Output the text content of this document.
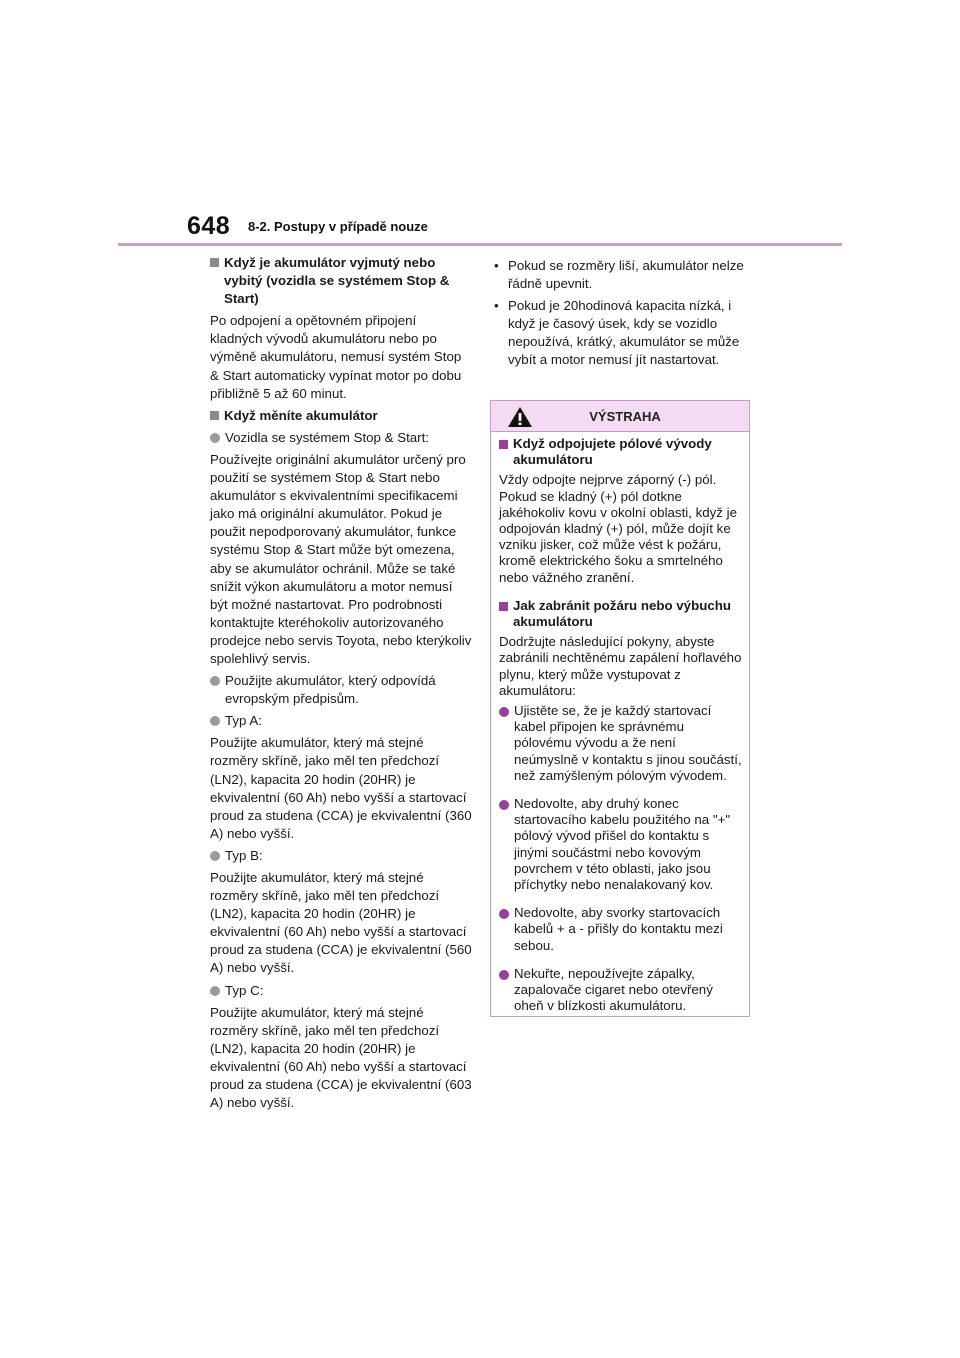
648 8-2. Postupy v případě nouze
Když je akumulátor vyjmutý nebo vybitý (vozidla se systémem Stop & Start)
Po odpojení a opětovném připojení kladných vývodů akumulátoru nebo po výměně akumulátoru, nemusí systém Stop & Start automaticky vypínat motor po dobu přibližně 5 až 60 minut.
Když měníte akumulátor
Vozidla se systémem Stop & Start:
Používejte originální akumulátor určený pro použití se systémem Stop & Start nebo akumulátor s ekvivalentními specifikacemi jako má originální akumulátor. Pokud je použit nepodporovaný akumulátor, funkce systému Stop & Start může být omezena, aby se akumulátor ochránil. Může se také snížit výkon akumulátoru a motor nemusí být možné nastartovat. Pro podrobnosti kontaktujte kteréhokoliv autorizovaného prodejce nebo servis Toyota, nebo kterýkoliv spolehlivý servis.
Použijte akumulátor, který odpovídá evropským předpisům.
Typ A:
Použijte akumulátor, který má stejné rozměry skříně, jako měl ten předchozí (LN2), kapacita 20 hodin (20HR) je ekvivalentní (60 Ah) nebo vyšší a startovací proud za studena (CCA) je ekvivalentní (360 A) nebo vyšší.
Typ B:
Použijte akumulátor, který má stejné rozměry skříně, jako měl ten předchozí (LN2), kapacita 20 hodin (20HR) je ekvivalentní (60 Ah) nebo vyšší a startovací proud za studena (CCA) je ekvivalentní (560 A) nebo vyšší.
Typ C:
Použijte akumulátor, který má stejné rozměry skříně, jako měl ten předchozí (LN2), kapacita 20 hodin (20HR) je ekvivalentní (60 Ah) nebo vyšší a startovací proud za studena (CCA) je ekvivalentní (603 A) nebo vyšší.
• Pokud se rozměry liší, akumulátor nelze řádně upevnit.
• Pokud je 20hodinová kapacita nízká, i když je časový úsek, kdy se vozidlo nepoužívá, krátký, akumulátor se může vybít a motor nemusí jít nastartovat.
VÝSTRAHA
Když odpojujete pólové vývody akumulátoru
Vždy odpojte nejprve záporný (-) pól. Pokud se kladný (+) pól dotkne jakéhokoliv kovu v okolní oblasti, když je odpojován kladný (+) pól, může dojít ke vzniku jisker, což může vést k požáru, kromě elektrického šoku a smrtelného nebo vážného zranění.
Jak zabránit požáru nebo výbuchu akumulátoru
Dodržujte následující pokyny, abyste zabránili nechtěnému zapálení hořlavého plynu, který může vystupovat z akumulátoru:
Ujistěte se, že je každý startovací kabel připojen ke správnému pólovému vývodu a že není neúmyslně v kontaktu s jinou součástí, než zamýšleným pólovým vývodem.
Nedovolte, aby druhý konec startovacího kabelu použitého na "+" pólový vývod přišel do kontaktu s jinými součástmi nebo kovovým povrchem v této oblasti, jako jsou příchytky nebo nenalakovaný kov.
Nedovolte, aby svorky startovacích kabelů + a - přišly do kontaktu mezi sebou.
Nekuřte, nepoužívejte zápalky, zapalovače cigaret nebo otevřený oheň v blízkosti akumulátoru.
